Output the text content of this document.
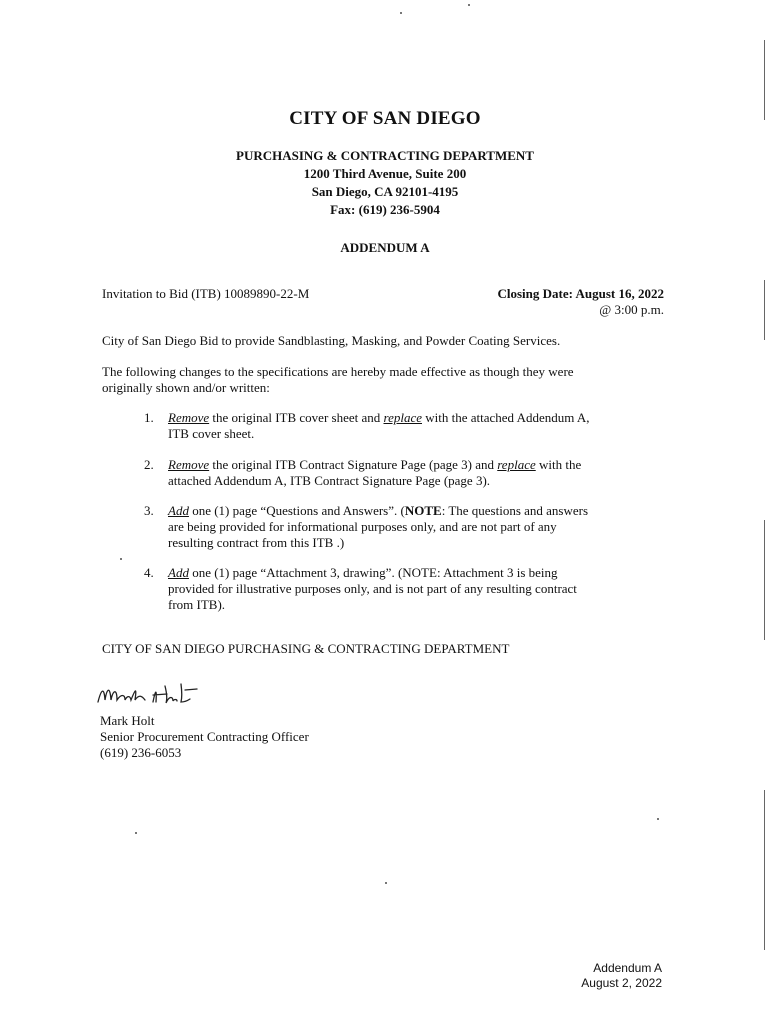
CITY OF SAN DIEGO
PURCHASING & CONTRACTING DEPARTMENT
1200 Third Avenue, Suite 200
San Diego, CA 92101-4195
Fax: (619) 236-5904
ADDENDUM A
Invitation to Bid (ITB) 10089890-22-M	Closing Date: August 16, 2022
@ 3:00 p.m.
City of San Diego Bid to provide Sandblasting, Masking, and Powder Coating Services.
The following changes to the specifications are hereby made effective as though they were
originally shown and/or written:
1. Remove the original ITB cover sheet and replace with the attached Addendum A,
ITB cover sheet.
2. Remove the original ITB Contract Signature Page (page 3) and replace with the
attached Addendum A, ITB Contract Signature Page (page 3).
3. Add one (1) page “Questions and Answers”. (NOTE: The questions and answers
are being provided for informational purposes only, and are not part of any
resulting contract from this ITB .)
4. Add one (1) page “Attachment 3, drawing”. (NOTE: Attachment 3 is being
provided for illustrative purposes only, and is not part of any resulting contract
from ITB).
CITY OF SAN DIEGO PURCHASING & CONTRACTING DEPARTMENT
Mark Holt
Senior Procurement Contracting Officer
(619) 236-6053
Addendum A
August 2, 2022
